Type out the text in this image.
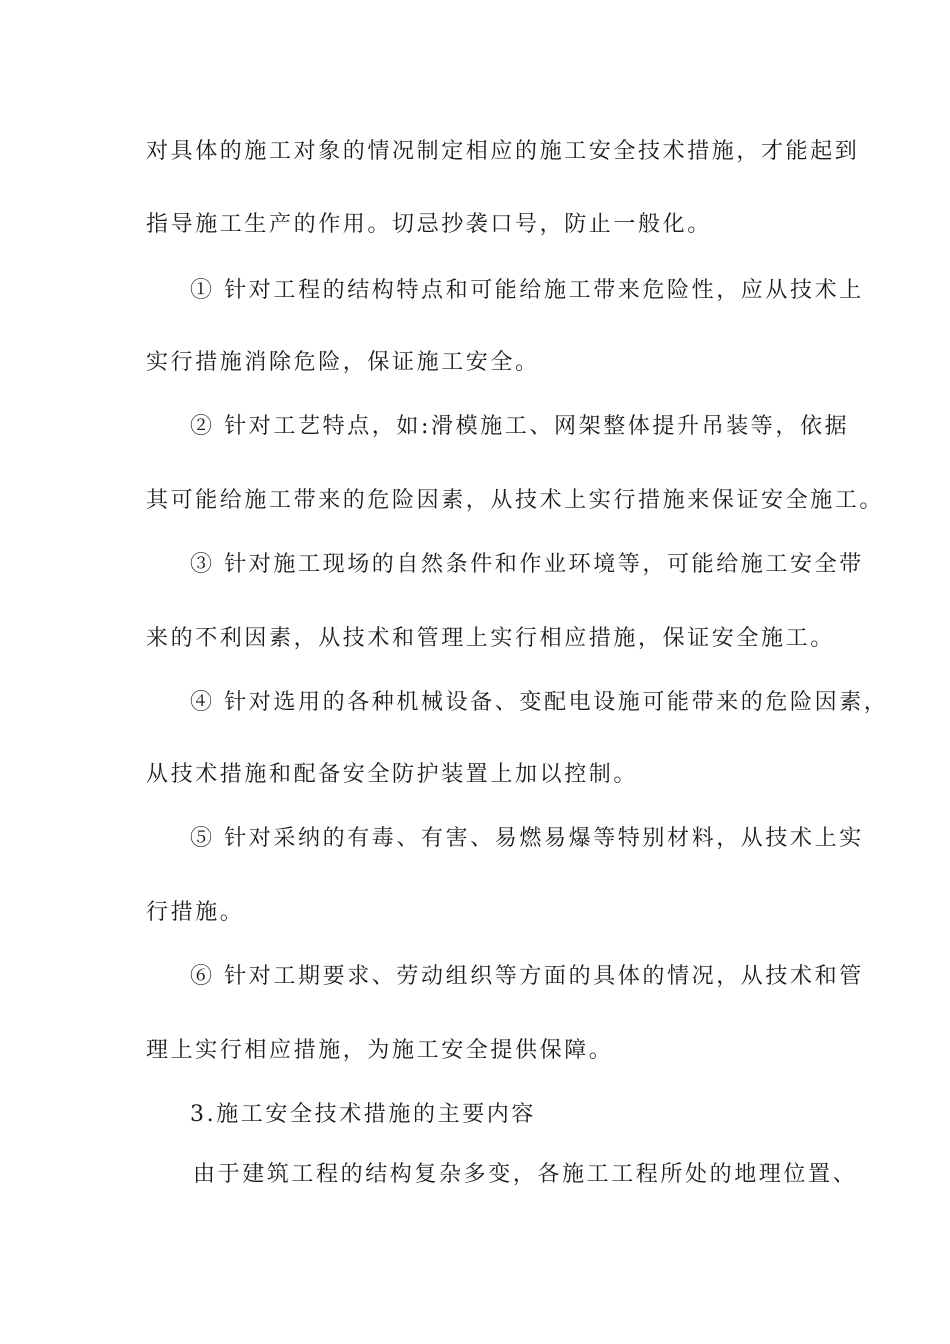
对具体的施工对象的情况制定相应的施工安全技术措施，才能起到
指导施工生产的作用。切忌抄袭口号，防止一般化。
① 针对工程的结构特点和可能给施工带来危险性，应从技术上
实行措施消除危险，保证施工安全。
② 针对工艺特点，如:滑模施工、网架整体提升吊装等，依据
其可能给施工带来的危险因素，从技术上实行措施来保证安全施工。
③ 针对施工现场的自然条件和作业环境等，可能给施工安全带
来的不利因素，从技术和管理上实行相应措施，保证安全施工。
④ 针对选用的各种机械设备、变配电设施可能带来的危险因素，
从技术措施和配备安全防护装置上加以控制。
⑤ 针对采纳的有毒、有害、易燃易爆等特别材料，从技术上实
行措施。
⑥ 针对工期要求、劳动组织等方面的具体的情况，从技术和管
理上实行相应措施，为施工安全提供保障。
3.施工安全技术措施的主要内容
由于建筑工程的结构复杂多变，各施工工程所处的地理位置、
